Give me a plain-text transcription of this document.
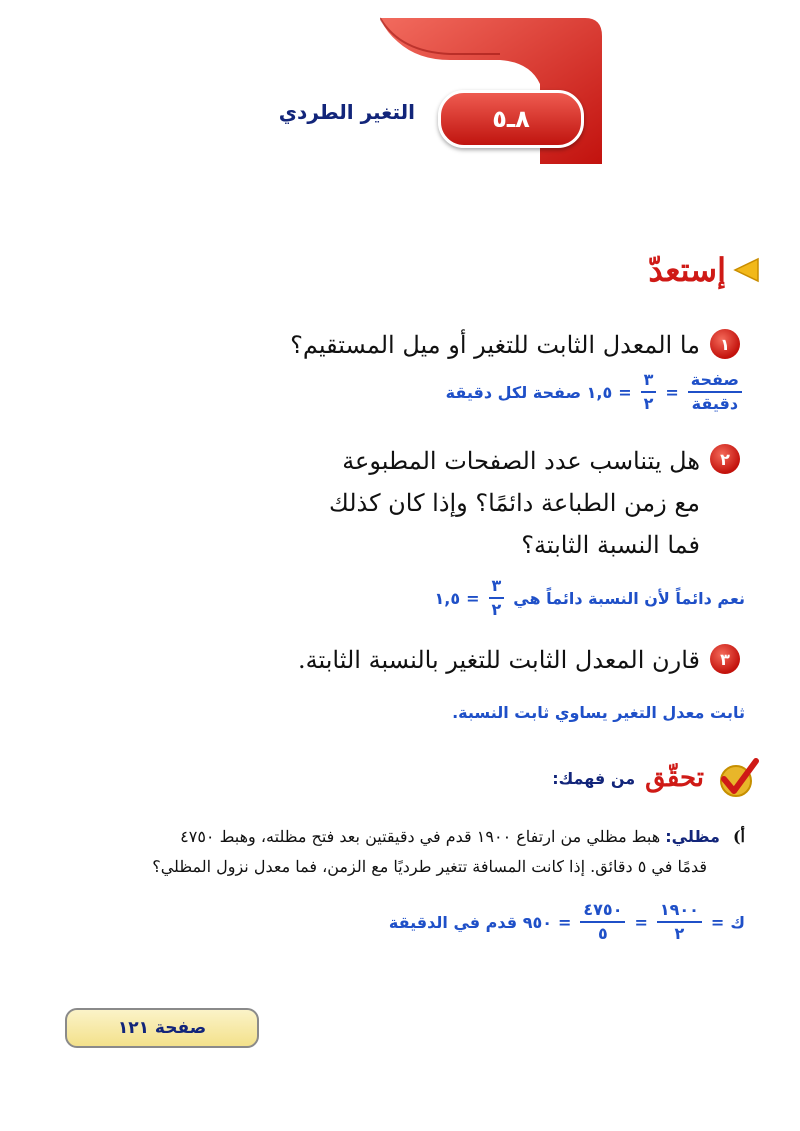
٨ـ٥
التغير الطردي
إستعدّ
١
ما المعدل الثابت للتغير أو ميل المستقيم؟
$\frac{\text{صفحة}}{\text{دقيقة}}$
=
$\frac{٣}{٢}$
=
١,٥ صفحة لكل دقيقة
٢
هل يتناسب عدد الصفحات المطبوعة
مع زمن الطباعة دائمًا؟ وإذا كان كذلك
فما النسبة الثابتة؟
نعم دائماً لأن النسبة دائماً هي
$\frac{٣}{٢}$
=
١,٥
٣
قارن المعدل الثابت للتغير بالنسبة الثابتة.
ثابت معدل التغير يساوي ثابت النسبة.
تحقّق
من فهمك:
أ) مظلي: هبط مظلي من ارتفاع ١٩٠٠ قدم في دقيقتين بعد فتح مظلته، وهبط ٤٧٥٠
قدمًا في ٥ دقائق. إذا كانت المسافة تتغير طرديًا مع الزمن، فما معدل نزول المظلي؟
ك
=
$\frac{١٩٠٠}{٢}$
=
$\frac{٤٧٥٠}{٥}$
=
٩٥٠ قدم في الدقيقة
صفحة ١٢١
